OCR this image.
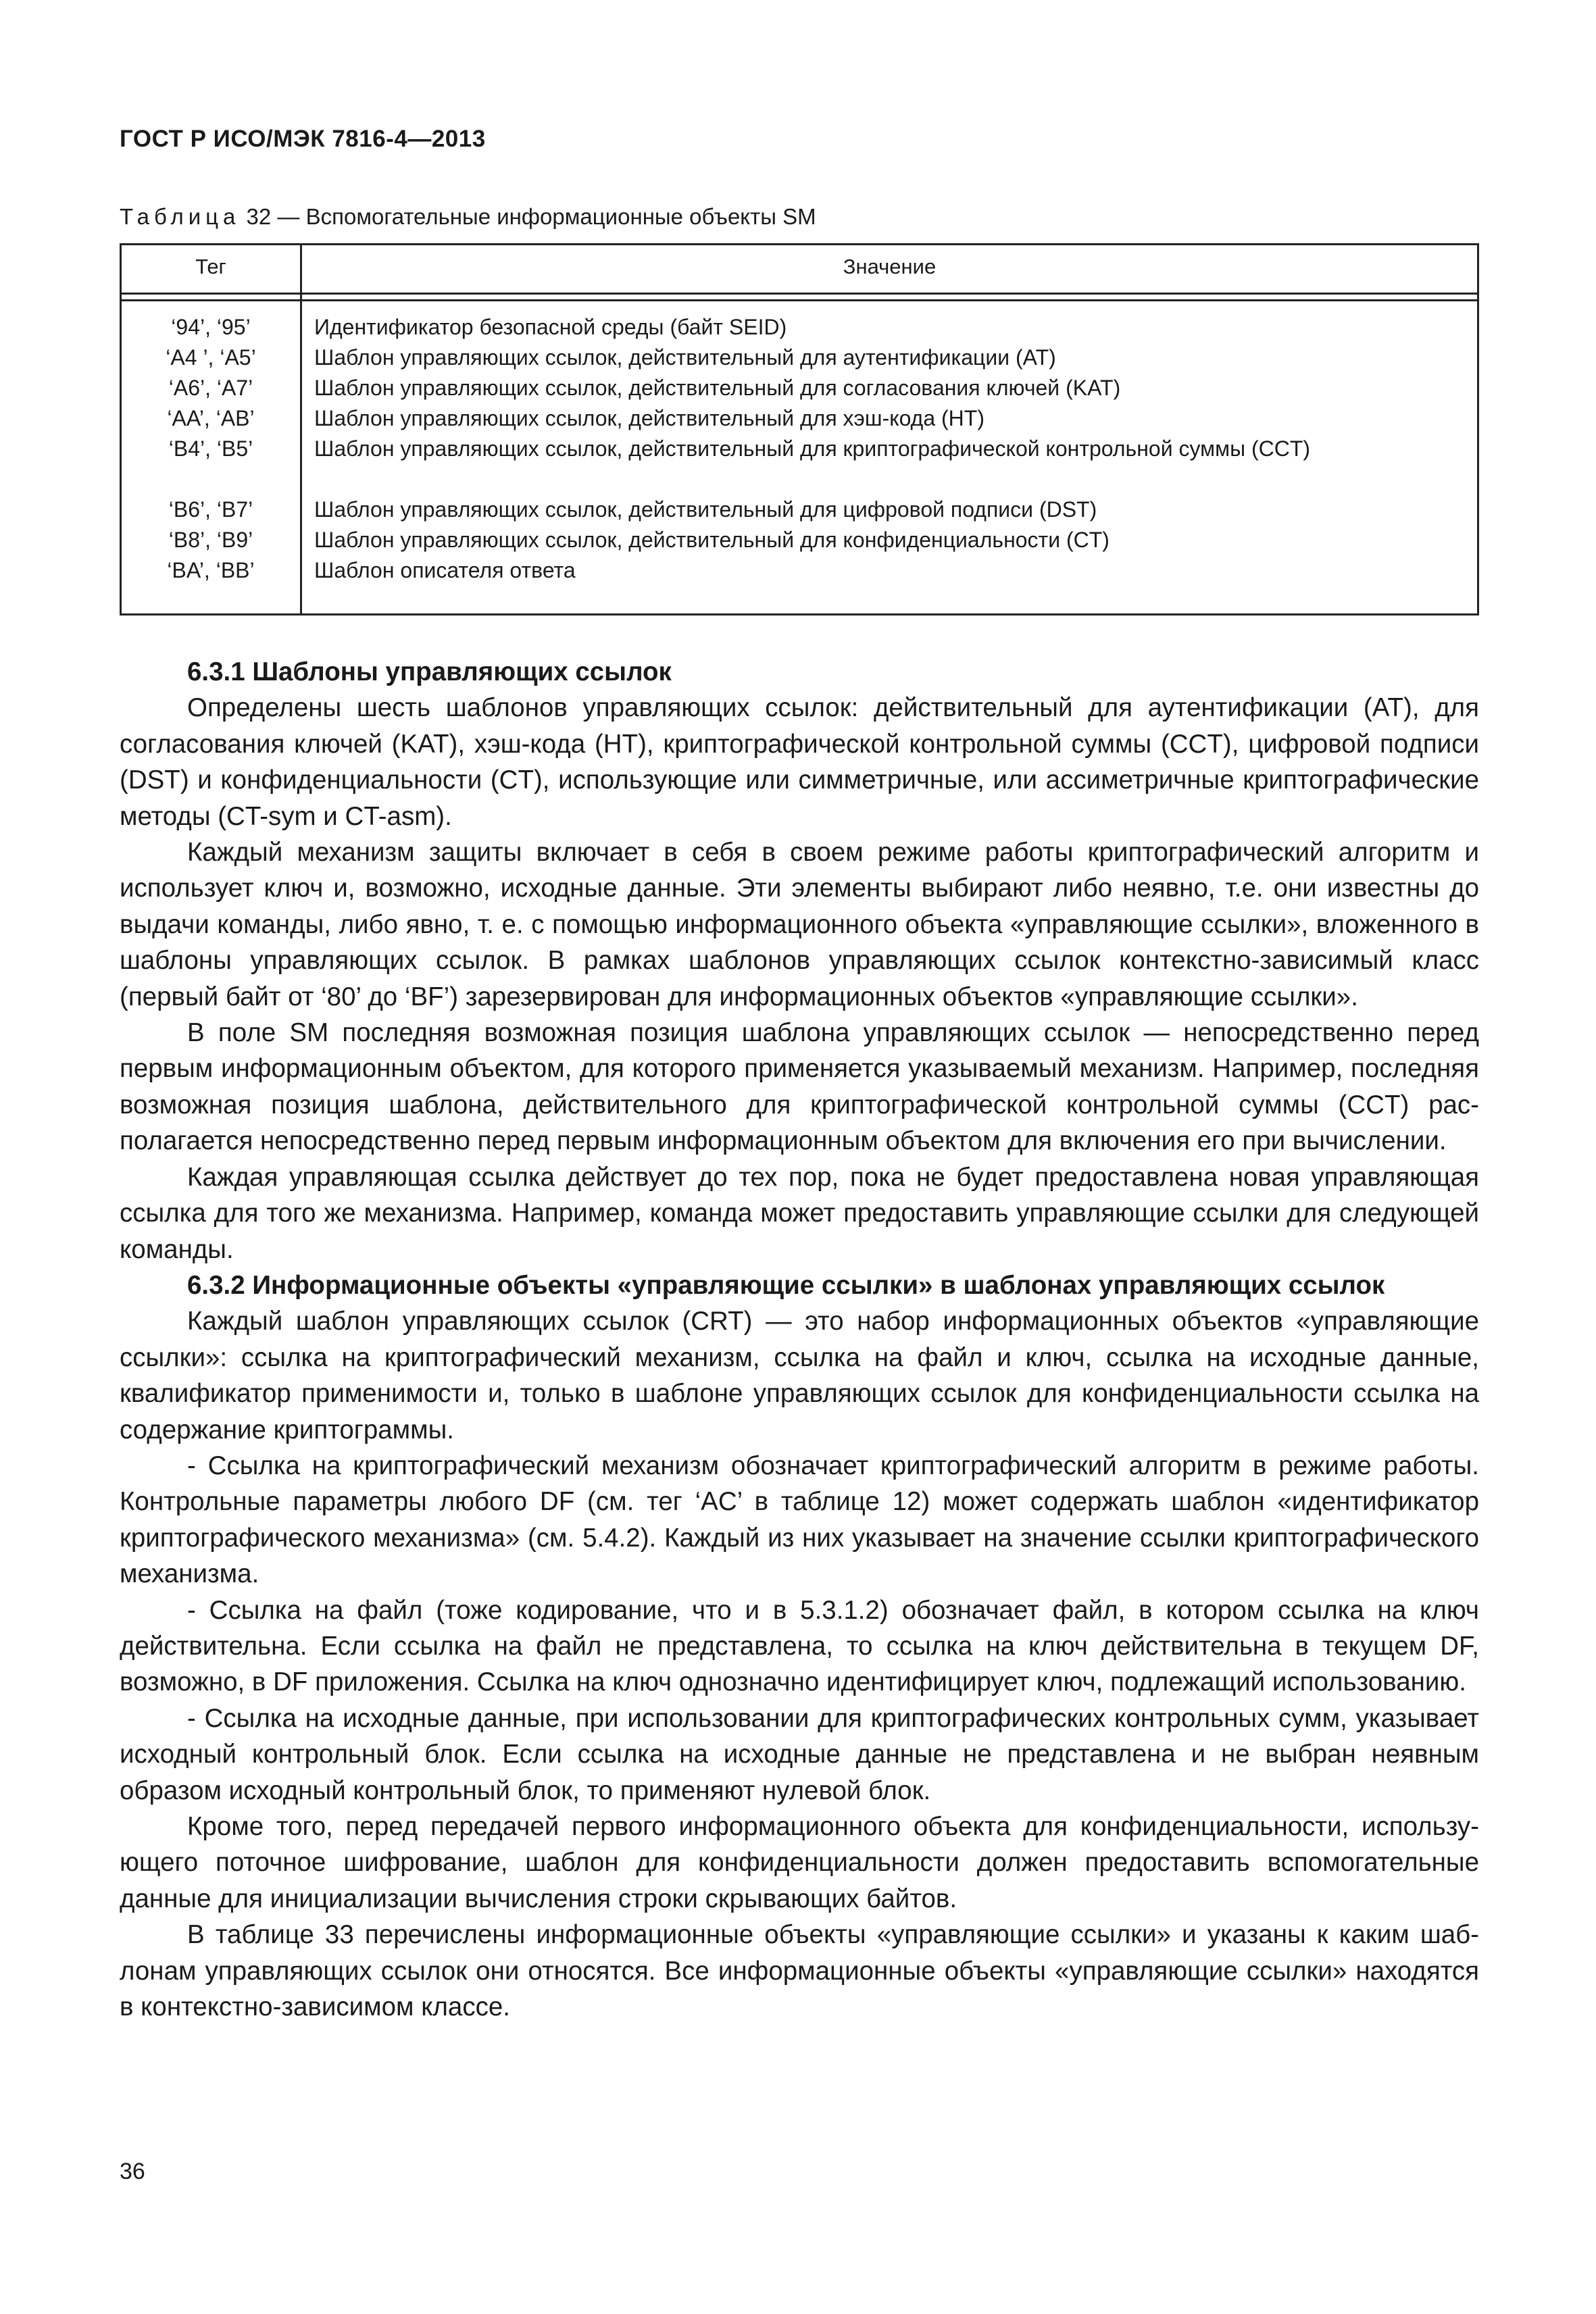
ГОСТ Р ИСО/МЭК 7816-4—2013
Таблица 32 — Вспомогательные информационные объекты SM
Тег	Значение
‘94’, ‘95’	Идентификатор безопасной среды (байт SEID)
‘A4 ’, ‘A5’	Шаблон управляющих ссылок, действительный для аутентификации (AT)
‘A6’, ‘A7’	Шаблон управляющих ссылок, действительный для согласования ключей (KAT)
‘AA’, ‘AB’	Шаблон управляющих ссылок, действительный для хэш-кода (HT)
‘B4’, ‘B5’	Шаблон управляющих ссылок, действительный для криптографической контрольной суммы (CCT)
‘B6’, ‘B7’	Шаблон управляющих ссылок, действительный для цифровой подписи (DST)
‘B8’, ‘B9’	Шаблон управляющих ссылок, действительный для конфиденциальности (CT)
‘BA’, ‘BB’	Шаблон описателя ответа
6.3.1 Шаблоны управляющих ссылок

Определены шесть шаблонов управляющих ссылок: действительный для аутентификации (AT), для согласования ключей (KAT), хэш-кода (HT), криптографической контрольной суммы (CCT), цифровой подписи (DST) и конфиденциальности (CT), использующие или симметричные, или ассиметричные криптографические методы (CT-sym и CT-asm).

Каждый механизм защиты включает в себя в своем режиме работы криптографический алгоритм и использует ключ и, возможно, исходные данные. Эти элементы выбирают либо неявно, т.е. они известны до выдачи команды, либо явно, т. е. с помощью информационного объекта «управляющие ссылки», вложенного в шаблоны управляющих ссылок. В рамках шаблонов управляющих ссылок контекстно-зависимый класс (первый байт от ‘80’ до ‘BF’) зарезервирован для информационных объектов «управляющие ссылки».

В поле SM последняя возможная позиция шаблона управляющих ссылок — непосредственно перед первым информационным объектом, для которого применяется указываемый механизм. Например, последняя возможная позиция шаблона, действительного для криптографической контрольной суммы (CCT) располагается непосредственно перед первым информационным объектом для включения его при вычислении.

Каждая управляющая ссылка действует до тех пор, пока не будет предоставлена новая управляющая ссылка для того же механизма. Например, команда может предоставить управляющие ссылки для следующей команды.

6.3.2 Информационные объекты «управляющие ссылки» в шаблонах управляющих ссылок

Каждый шаблон управляющих ссылок (CRT) — это набор информационных объектов «управляющие ссылки»: ссылка на криптографический механизм, ссылка на файл и ключ, ссылка на исходные данные, квалификатор применимости и, только в шаблоне управляющих ссылок для конфиденциальности ссылка на содержание криптограммы.

- Ссылка на криптографический механизм обозначает криптографический алгоритм в режиме работы. Контрольные параметры любого DF (см. тег ‘AC’ в таблице 12) может содержать шаблон «идентификатор криптографического механизма» (см. 5.4.2). Каждый из них указывает на значение ссылки криптографического механизма.

- Ссылка на файл (тоже кодирование, что и в 5.3.1.2) обозначает файл, в котором ссылка на ключ действительна. Если ссылка на файл не представлена, то ссылка на ключ действительна в текущем DF, возможно, в DF приложения. Ссылка на ключ однозначно идентифицирует ключ, подлежащий использованию.

- Ссылка на исходные данные, при использовании для криптографических контрольных сумм, указывает исходный контрольный блок. Если ссылка на исходные данные не представлена и не выбран неявным образом исходный контрольный блок, то применяют нулевой блок.

Кроме того, перед передачей первого информационного объекта для конфиденциальности, использующего поточное шифрование, шаблон для конфиденциальности должен предоставить вспомогательные данные для инициализации вычисления строки скрывающих байтов.

В таблице 33 перечислены информационные объекты «управляющие ссылки» и указаны к каким шаблонам управляющих ссылок они относятся. Все информационные объекты «управляющие ссылки» находятся в контекстно-зависимом классе.

36
